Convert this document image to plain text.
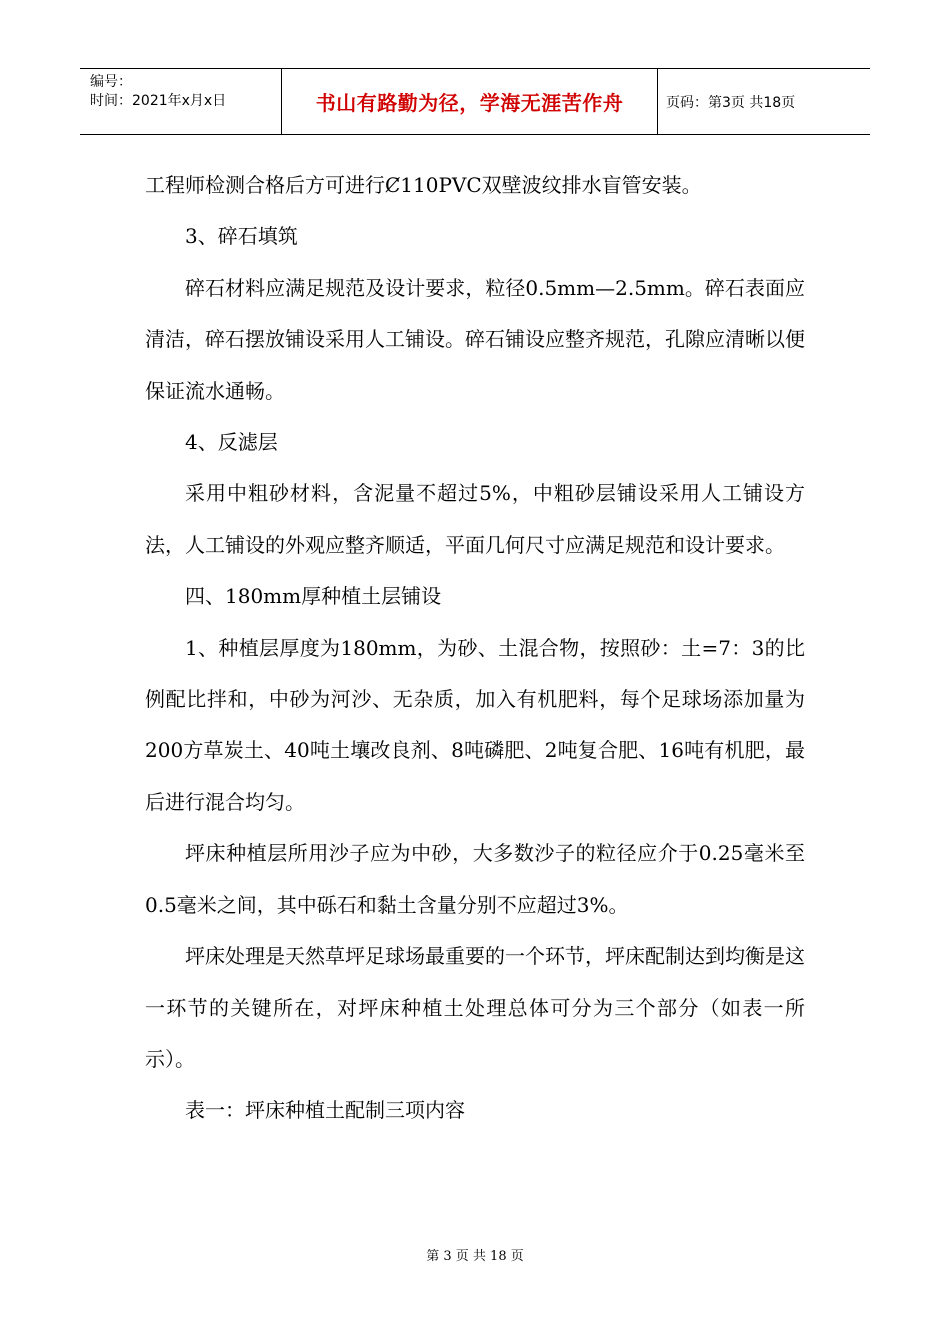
编号：
时间：2021年x月x日	书山有路勤为径，学海无涯苦作舟	页码：第3页 共18页

工程师检测合格后方可进行Ȼ110PVC双壁波纹排水盲管安装。

3、碎石填筑

碎石材料应满足规范及设计要求，粒径0.5mm—2.5mm。碎石表面应清洁，碎石摆放铺设采用人工铺设。碎石铺设应整齐规范，孔隙应清晰以便保证流水通畅。

4、反滤层

采用中粗砂材料，含泥量不超过5%，中粗砂层铺设采用人工铺设方法，人工铺设的外观应整齐顺适，平面几何尺寸应满足规范和设计要求。

四、180mm厚种植土层铺设

1、种植层厚度为180mm，为砂、土混合物，按照砂：土=7：3的比例配比拌和，中砂为河沙、无杂质，加入有机肥料，每个足球场添加量为200方草炭土、40吨土壤改良剂、8吨磷肥、2吨复合肥、16吨有机肥，最后进行混合均匀。

坪床种植层所用沙子应为中砂，大多数沙子的粒径应介于0.25毫米至0.5毫米之间，其中砾石和黏土含量分别不应超过3%。

坪床处理是天然草坪足球场最重要的一个环节，坪床配制达到均衡是这一环节的关键所在，对坪床种植土处理总体可分为三个部分（如表一所示）。

表一：坪床种植土配制三项内容

第 3 页 共 18 页
